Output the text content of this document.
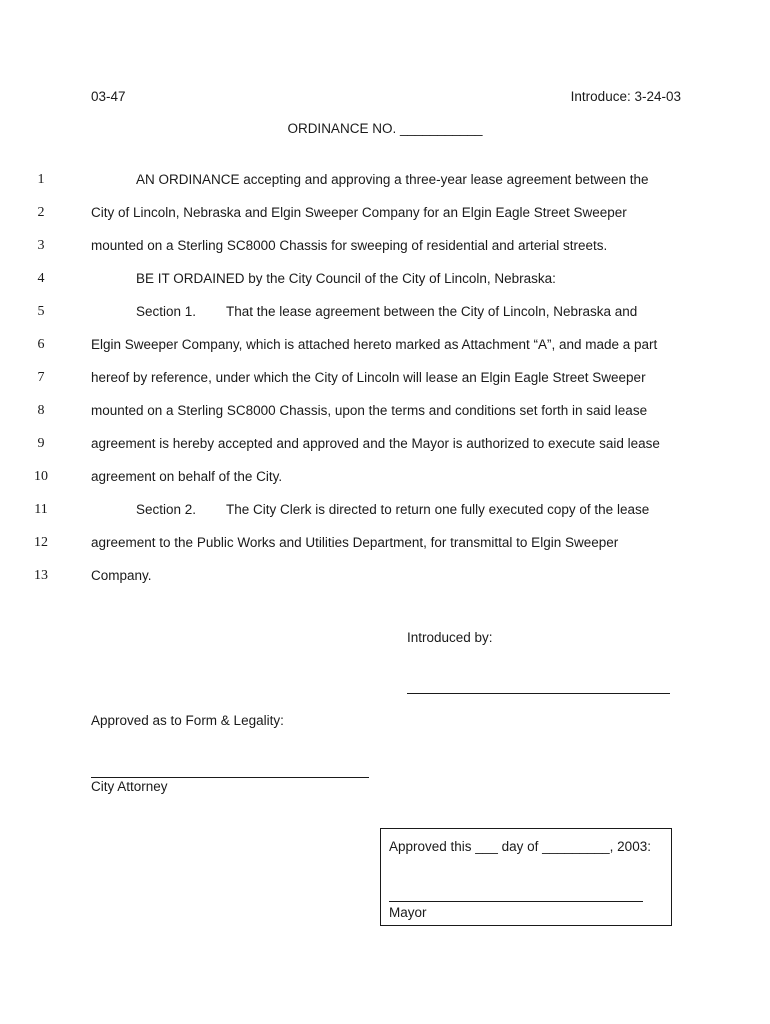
03-47	Introduce: 3-24-03
ORDINANCE NO. ___________
1	AN ORDINANCE accepting and approving a three-year lease agreement between the
2	City of Lincoln, Nebraska and Elgin Sweeper Company for an Elgin Eagle Street Sweeper
3	mounted on a Sterling SC8000 Chassis for sweeping of residential and arterial streets.
4	BE IT ORDAINED by the City Council of the City of Lincoln, Nebraska:
5	Section 1. That the lease agreement between the City of Lincoln, Nebraska and
6	Elgin Sweeper Company, which is attached hereto marked as Attachment “A”, and made a part
7	hereof by reference, under which the City of Lincoln will lease an Elgin Eagle Street Sweeper
8	mounted on a Sterling SC8000 Chassis, upon the terms and conditions set forth in said lease
9	agreement is hereby accepted and approved and the Mayor is authorized to execute said lease
10	agreement on behalf of the City.
11	Section 2. The City Clerk is directed to return one fully executed copy of the lease
12	agreement to the Public Works and Utilities Department, for transmittal to Elgin Sweeper
13	Company.
Introduced by:
Approved as to Form & Legality:
City Attorney
Approved this ___ day of _________, 2003:
Mayor
